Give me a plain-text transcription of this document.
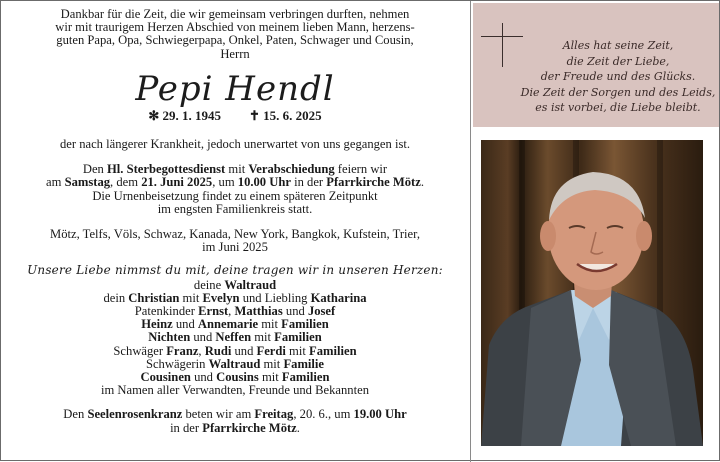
Dankbar für die Zeit, die wir gemeinsam verbringen durften, nehmen
wir mit traurigem Herzen Abschied von meinem lieben Mann, herzens-
guten Papa, Opa, Schwiegerpapa, Onkel, Paten, Schwager und Cousin,
Herrn
Pepi Hendl
✻ 29. 1. 1945 ✝ 15. 6. 2025
der nach längerer Krankheit, jedoch unerwartet von uns gegangen ist.
Den Hl. Sterbegottesdienst mit Verabschiedung feiern wir
am Samstag, dem 21. Juni 2025, um 10.00 Uhr in der Pfarrkirche Mötz.
Die Urnenbeisetzung findet zu einem späteren Zeitpunkt
im engsten Familienkreis statt.
Mötz, Telfs, Völs, Schwaz, Kanada, New York, Bangkok, Kufstein, Trier,
im Juni 2025
Unsere Liebe nimmst du mit, deine tragen wir in unseren Herzen:
deine Waltraud
dein Christian mit Evelyn und Liebling Katharina
Patenkinder Ernst, Matthias und Josef
Heinz und Annemarie mit Familien
Nichten und Neffen mit Familien
Schwäger Franz, Rudi und Ferdi mit Familien
Schwägerin Waltraud mit Familie
Cousinen und Cousins mit Familien
im Namen aller Verwandten, Freunde und Bekannten
Den Seelenrosenkranz beten wir am Freitag, 20. 6., um 19.00 Uhr
in der Pfarrkirche Mötz.
Alles hat seine Zeit,
die Zeit der Liebe,
der Freude und des Glücks.
Die Zeit der Sorgen und des Leids,
es ist vorbei, die Liebe bleibt.
